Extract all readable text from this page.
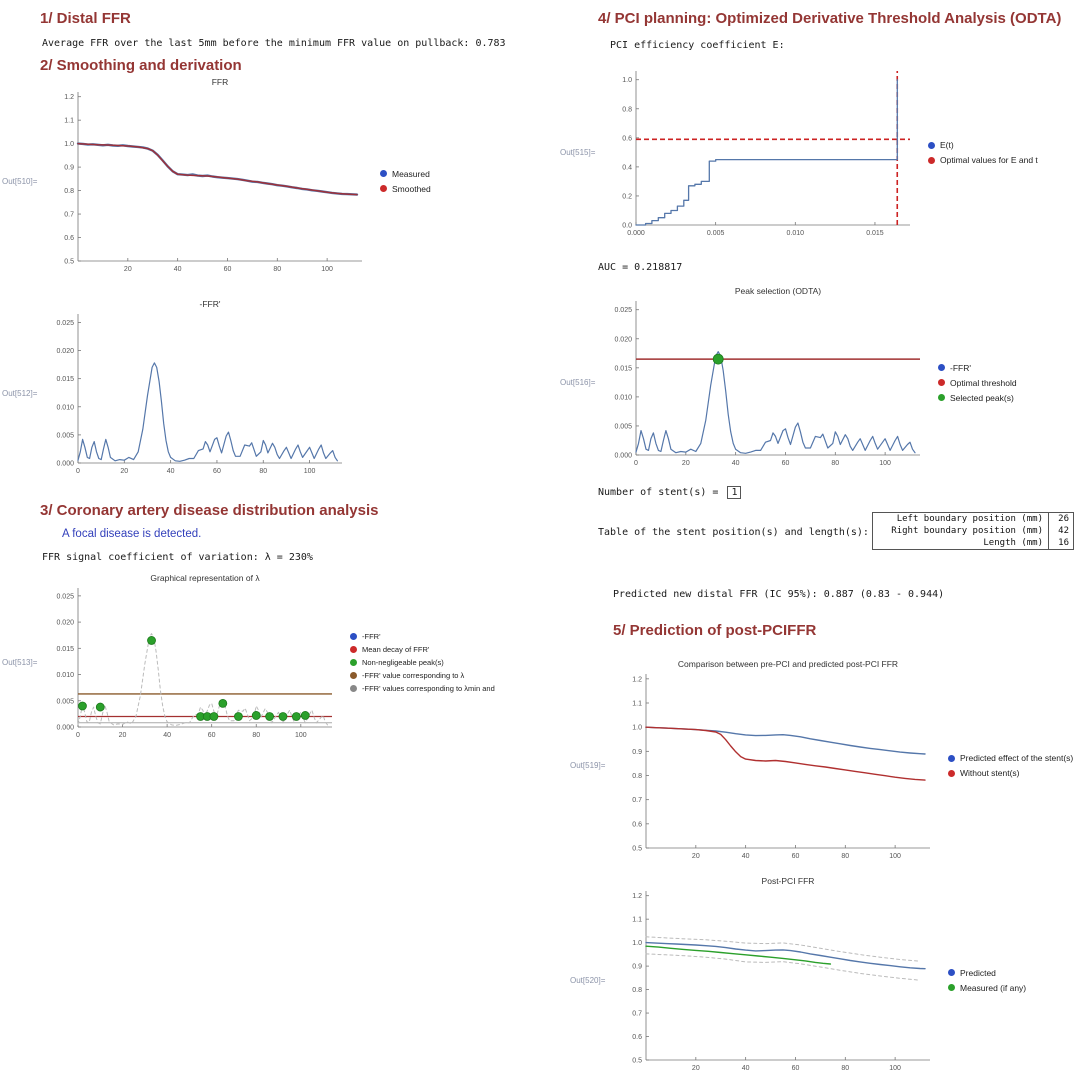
1/ Distal FFR
Average FFR over the last 5mm before the minimum FFR value on pullback: 0.783
2/ Smoothing and derivation
Out[510]=
20	40	60	80	100
0.5
0.6
0.7
0.8
0.9
1.0
1.1
1.2
FFR
Measured
Smoothed
Out[512]=
0	20	40	60	80	100
0.000
0.005
0.010
0.015
0.020
0.025
-FFR'
3/ Coronary artery disease distribution analysis
A focal disease is detected.
FFR signal coefficient of variation: λ = 230%
Out[513]=
0	20	40	60	80	100
0.000
0.005
0.010
0.015
0.020
0.025
Graphical representation of λ
-FFR'
Mean decay of FFR'
Non-negligeable peak(s)
-FFR' value corresponding to λ
-FFR' values corresponding to λmin and
4/ PCI planning: Optimized Derivative Threshold Analysis (ODTA)
PCI efficiency coefficient E:
Out[515]=
0.000	0.005	0.010	0.015
0.0
0.2
0.4
0.6
0.8
1.0
E(t)
Optimal values for E and t
AUC = 0.218817
Out[516]=
0	20	40	60	80	100
0.000
0.005
0.010
0.015
0.020
0.025
Peak selection (ODTA)
-FFR'
Optimal threshold
Selected peak(s)
Number of stent(s) = 1
Table of the stent position(s) and length(s):
Left boundary position (mm)	26
Right boundary position (mm)	42
Length (mm)	16
Predicted new distal FFR (IC 95%): 0.887 (0.83 - 0.944)
5/ Prediction of post-PCIFFR
Out[519]=
20	40	60	80	100
0.5
0.6
0.7
0.8
0.9
1.0
1.1
1.2
Comparison between pre-PCI and predicted post-PCI FFR
Predicted effect of the stent(s)
Without stent(s)
Out[520]=
20	40	60	80	100
0.5
0.6
0.7
0.8
0.9
1.0
1.1
1.2
Post-PCI FFR
Predicted
Measured (if any)
